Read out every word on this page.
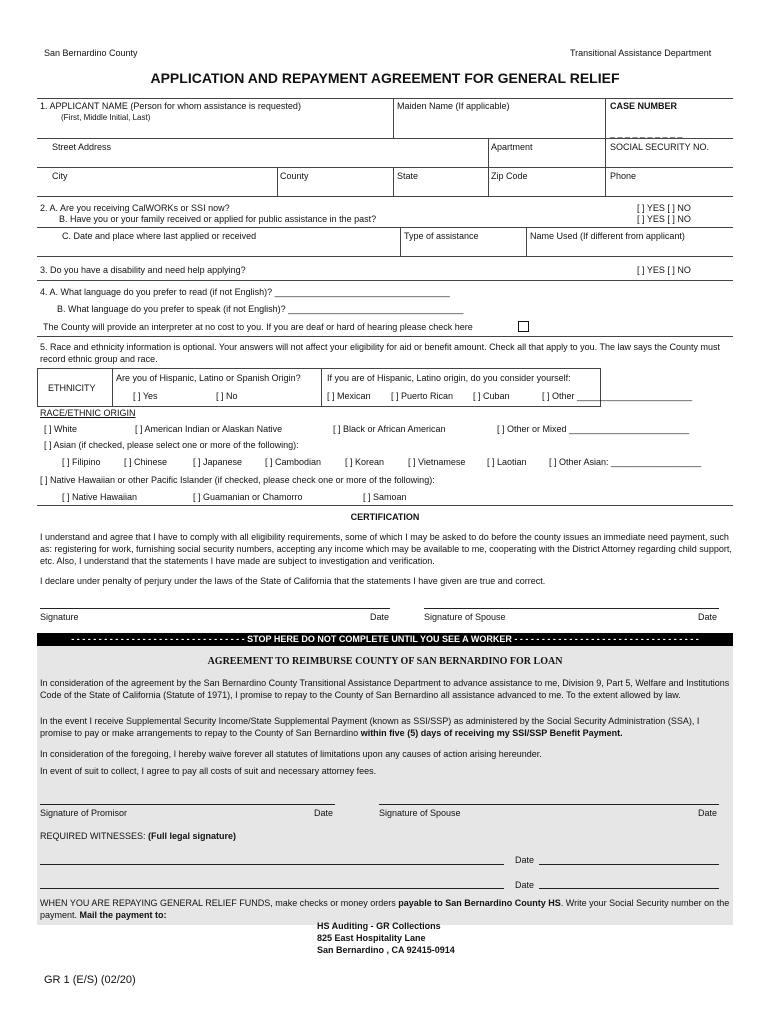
San Bernardino County	Transitional Assistance Department
APPLICATION AND REPAYMENT AGREEMENT FOR GENERAL RELIEF
1. APPLICANT NAME (Person for whom assistance is requested)
(First, Middle Initial, Last)
Maiden Name (If applicable)	CASE NUMBER
_ _ _ _ _ _ _ _ _ _
Street Address	Apartment	SOCIAL SECURITY NO.
City	County	State	Zip Code	Phone
2. A. Are you receiving CalWORKs or SSI now?	[ ] YES [ ] NO
B. Have you or your family received or applied for public assistance in the past?	[ ] YES [ ] NO
C. Date and place where last applied or received	Type of assistance	Name Used (If different from applicant)
3. Do you have a disability and need help applying?	[ ] YES [ ] NO
4. A. What language do you prefer to read (if not English)? ___________________________________
B. What language do you prefer to speak (if not English)? ___________________________________
The County will provide an interpreter at no cost to you. If you are deaf or hard of hearing please check here
5. Race and ethnicity information is optional. Your answers will not affect your eligibility for aid or benefit amount. Check all that apply to you. The law says the County must record ethnic group and race.
ETHNICITY
Are you of Hispanic, Latino or Spanish Origin?
[ ] Yes	[ ] No
If you are of Hispanic, Latino origin, do you consider yourself:
[ ] Mexican [ ] Puerto Rican [ ] Cuban	[ ] Other _______________________
RACE/ETHNIC ORIGIN
[ ] White	[ ] American Indian or Alaskan Native	[ ] Black or African American	[ ] Other or Mixed ________________________
[ ] Asian (if checked, please select one or more of the following):
[ ] Filipino	[ ] Chinese	[ ] Japanese	[ ] Cambodian	[ ] Korean	[ ] Vietnamese [ ] Laotian [ ] Other Asian: __________________
[ ] Native Hawaiian or other Pacific Islander (if checked, please check one or more of the following):
[ ] Native Hawaiian	[ ] Guamanian or Chamorro	[ ] Samoan
CERTIFICATION
I understand and agree that I have to comply with all eligibility requirements, some of which I may be asked to do before the county issues an immediate need payment, such as: registering for work, furnishing social security numbers, accepting any income which may be available to me, cooperating with the District Attorney regarding child support, etc. Also, I understand that the statements I have made are subject to investigation and verification.
I declare under penalty of perjury under the laws of the State of California that the statements I have given are true and correct.
Signature	Date	Signature of Spouse	Date
- - - - - - - - - - - - - - - - - - - - - - - - - - - - - - - - STOP HERE DO NOT COMPLETE UNTIL YOU SEE A WORKER - - - - - - - - - - - - - - - - - - - - - - - - - - - - - - - - - -
AGREEMENT TO REIMBURSE COUNTY OF SAN BERNARDINO FOR LOAN
In consideration of the agreement by the San Bernardino County Transitional Assistance Department to advance assistance to me, Division 9, Part 5, Welfare and Institutions Code of the State of California (Statute of 1971), I promise to repay to the County of San Bernardino all assistance advanced to me. To the extent allowed by law.
In the event I receive Supplemental Security Income/State Supplemental Payment (known as SSI/SSP) as administered by the Social Security Administration (SSA), I promise to pay or make arrangements to repay to the County of San Bernardino within five (5) days of receiving my SSI/SSP Benefit Payment.
In consideration of the foregoing, I hereby waive forever all statutes of limitations upon any causes of action arising hereunder.
In event of suit to collect, I agree to pay all costs of suit and necessary attorney fees.
Signature of Promisor	Date	Signature of Spouse	Date
REQUIRED WITNESSES: (Full legal signature)
Date
Date
WHEN YOU ARE REPAYING GENERAL RELIEF FUNDS, make checks or money orders payable to San Bernardino County HS. Write your Social Security number on the payment. Mail the payment to:
HS Auditing - GR Collections
825 East Hospitality Lane
San Bernardino , CA 92415-0914
GR 1 (E/S) (02/20)
